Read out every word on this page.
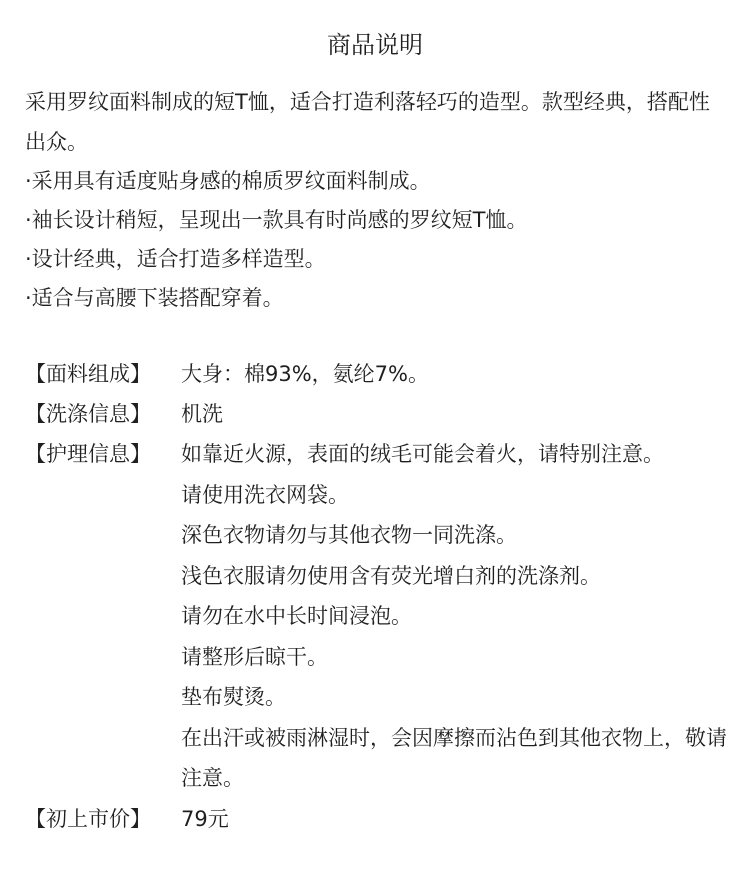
商品说明

采用罗纹面料制成的短T恤，适合打造利落轻巧的造型。款型经典，搭配性出众。

·采用具有适度贴身感的棉质罗纹面料制成。

·袖长设计稍短，呈现出一款具有时尚感的罗纹短T恤。

·设计经典，适合打造多样造型。

·适合与高腰下装搭配穿着。

【面料组成】	大身：棉93%，氨纶7%。
【洗涤信息】	机洗
【护理信息】	如靠近火源，表面的绒毛可能会着火，请特别注意。
请使用洗衣网袋。
深色衣物请勿与其他衣物一同洗涤。
浅色衣服请勿使用含有荧光增白剂的洗涤剂。
请勿在水中长时间浸泡。
请整形后晾干。
垫布熨烫。
在出汗或被雨淋湿时，会因摩擦而沾色到其他衣物上，敬请注意。
【初上市价】	79元
